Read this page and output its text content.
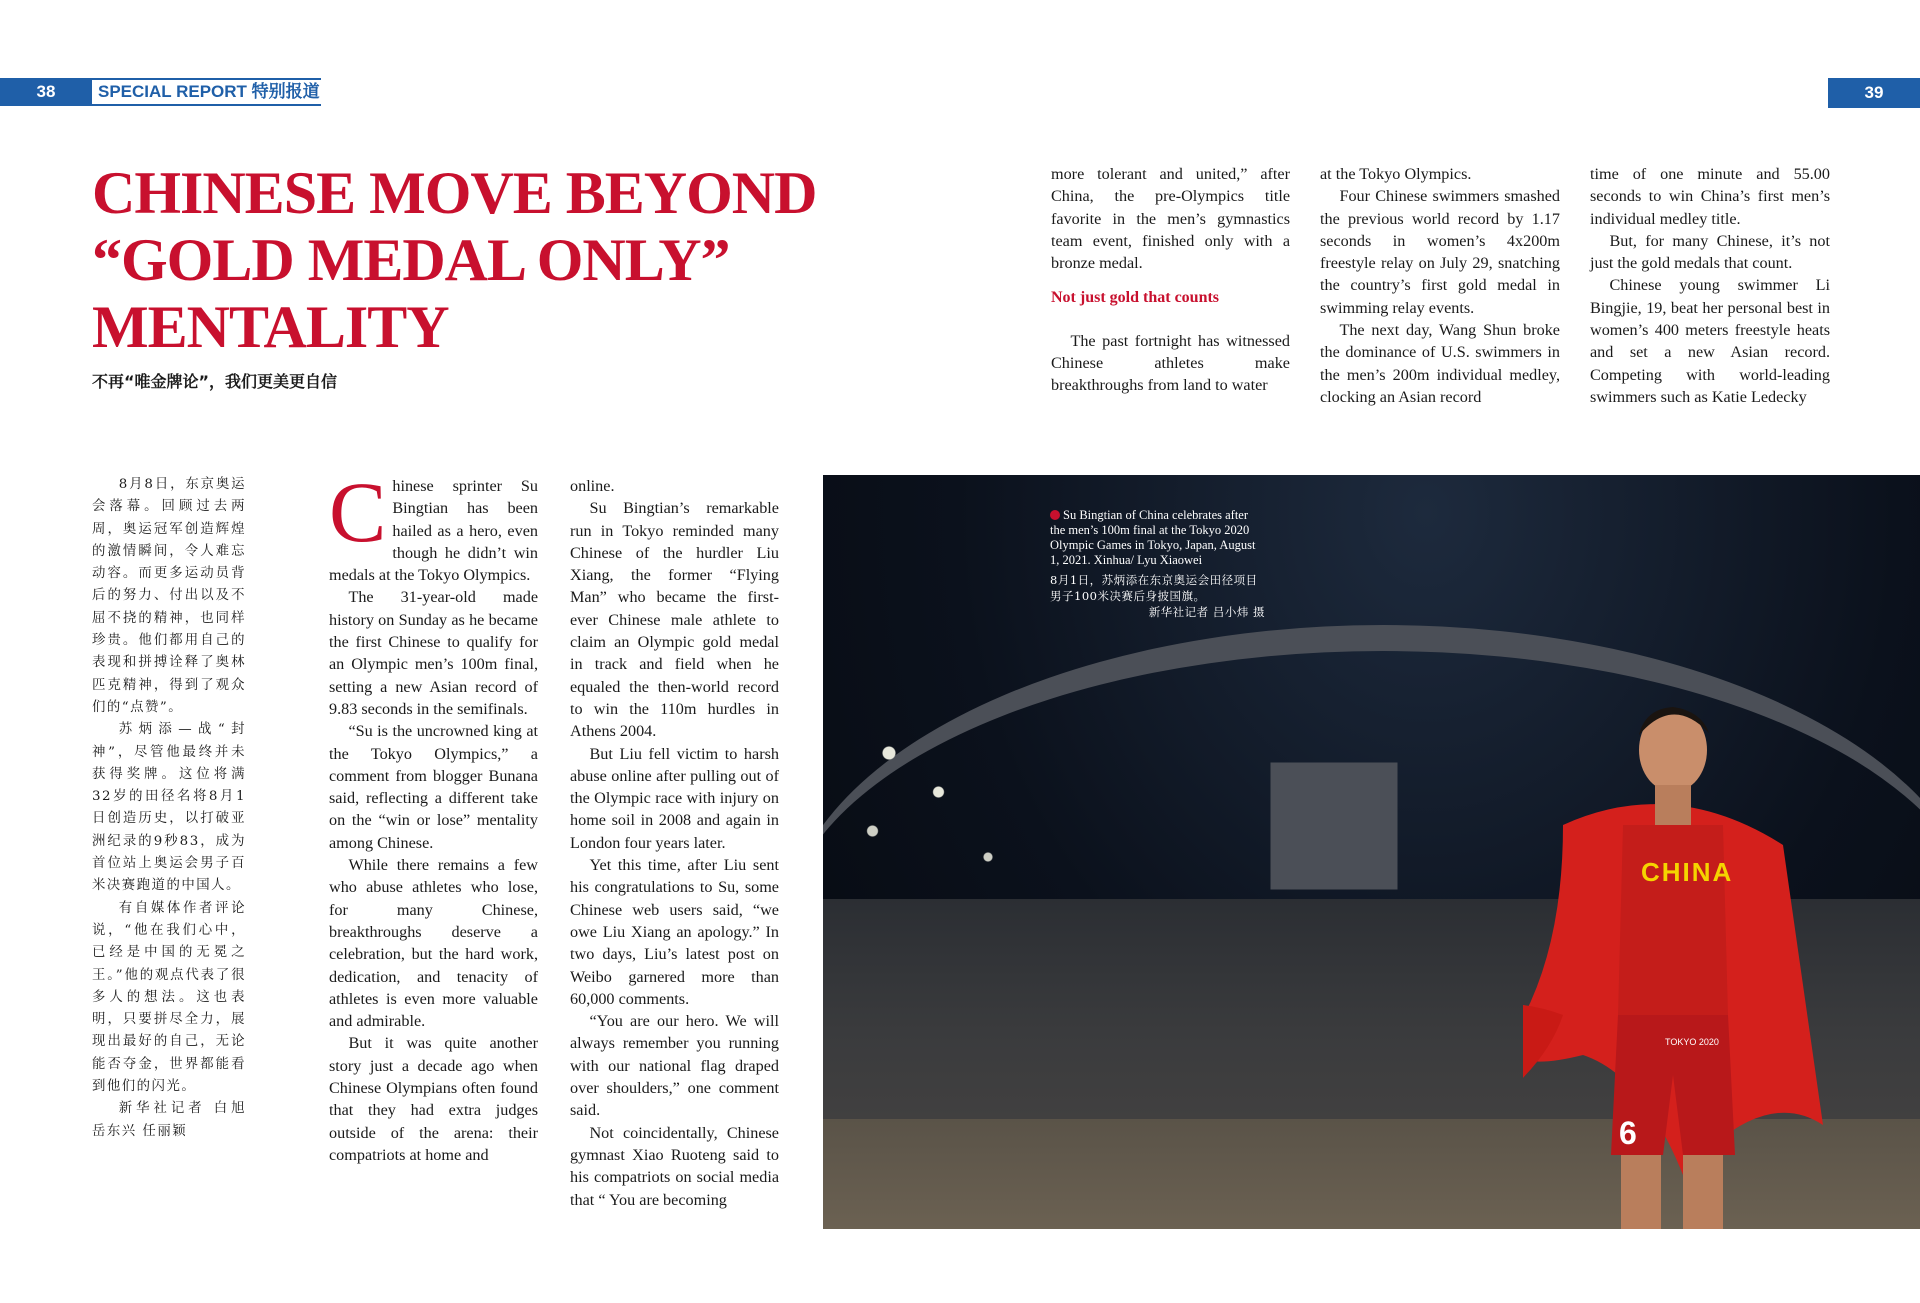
38	SPECIAL REPORT 特别报道	39
CHINESE MOVE BEYOND
“GOLD MEDAL ONLY”
MENTALITY
不再“唯金牌论”，我们更美更自信

8月8日，东京奥运会落幕。回顾过去两周，奥运冠军创造辉煌的激情瞬间，令人难忘动容。而更多运动员背后的努力、付出以及不屈不挠的精神，也同样珍贵。他们都用自己的表现和拼搏诠释了奥林匹克精神，得到了观众们的“点赞”。

苏炳添—战“封神”，尽管他最终并未获得奖牌。这位将满32岁的田径名将8月1日创造历史，以打破亚洲纪录的9秒83，成为首位站上奥运会男子百米决赛跑道的中国人。

有自媒体作者评论说，“他在我们心中，已经是中国的无冕之王。”他的观点代表了很多人的想法。这也表明，只要拼尽全力，展现出最好的自己，无论能否夺金，世界都能看到他们的闪光。

新华社记者 白旭 岳东兴 任丽颖

Chinese sprinter Su Bingtian has been hailed as a hero, even though he didn’t win medals at the Tokyo Olympics.

The 31-year-old made history on Sunday as he became the first Chinese to qualify for an Olympic men’s 100m final, setting a new Asian record of 9.83 seconds in the semifinals.

“Su is the uncrowned king at the Tokyo Olympics,” a comment from blogger Bunana said, reflecting a different take on the “win or lose” mentality among Chinese.

While there remains a few who abuse athletes who lose, for many Chinese, breakthroughs deserve a celebration, but the hard work, dedication, and tenacity of athletes is even more valuable and admirable.

But it was quite another story just a decade ago when Chinese Olympians often found that they had extra judges outside of the arena: their compatriots at home and

online.

Su Bingtian’s remarkable run in Tokyo reminded many Chinese of the hurdler Liu Xiang, the former “Flying Man” who became the first-ever Chinese male athlete to claim an Olympic gold medal in track and field when he equaled the then-world record to win the 110m hurdles in Athens 2004.

But Liu fell victim to harsh abuse online after pulling out of the Olympic race with injury on home soil in 2008 and again in London four years later.

Yet this time, after Liu sent his congratulations to Su, some Chinese web users said, “we owe Liu Xiang an apology.” In two days, Liu’s latest post on Weibo garnered more than 60,000 comments.

“You are our hero. We will always remember you running with our national flag draped over shoulders,” one comment said.

Not coincidentally, Chinese gymnast Xiao Ruoteng said to his compatriots on social media that “ You are becoming

more tolerant and united,” after China, the pre-Olympics title favorite in the men’s gymnastics team event, finished only with a bronze medal.

Not just gold that counts

The past fortnight has witnessed Chinese athletes make breakthroughs from land to water

at the Tokyo Olympics.

Four Chinese swimmers smashed the previous world record by 1.17 seconds in women’s 4x200m freestyle relay on July 29, snatching the country’s first gold medal in swimming relay events.

The next day, Wang Shun broke the dominance of U.S. swimmers in the men’s 200m individual medley, clocking an Asian record

time of one minute and 55.00 seconds to win China’s first men’s individual medley title.

But, for many Chinese, it’s not just the gold medals that count.

Chinese young swimmer Li Bingjie, 19, beat her personal best in women’s 400 meters freestyle heats and set a new Asian record. Competing with world-leading swimmers such as Katie Ledecky

CHINA
TOKYO 2020
6
Su Bingtian of China celebrates after the men’s 100m final at the Tokyo 2020 Olympic Games in Tokyo, Japan, August 1, 2021. Xinhua/ Lyu Xiaowei
8月1日，苏炳添在东京奥运会田径项目男子100米决赛后身披国旗。
新华社记者 吕小炜 摄
